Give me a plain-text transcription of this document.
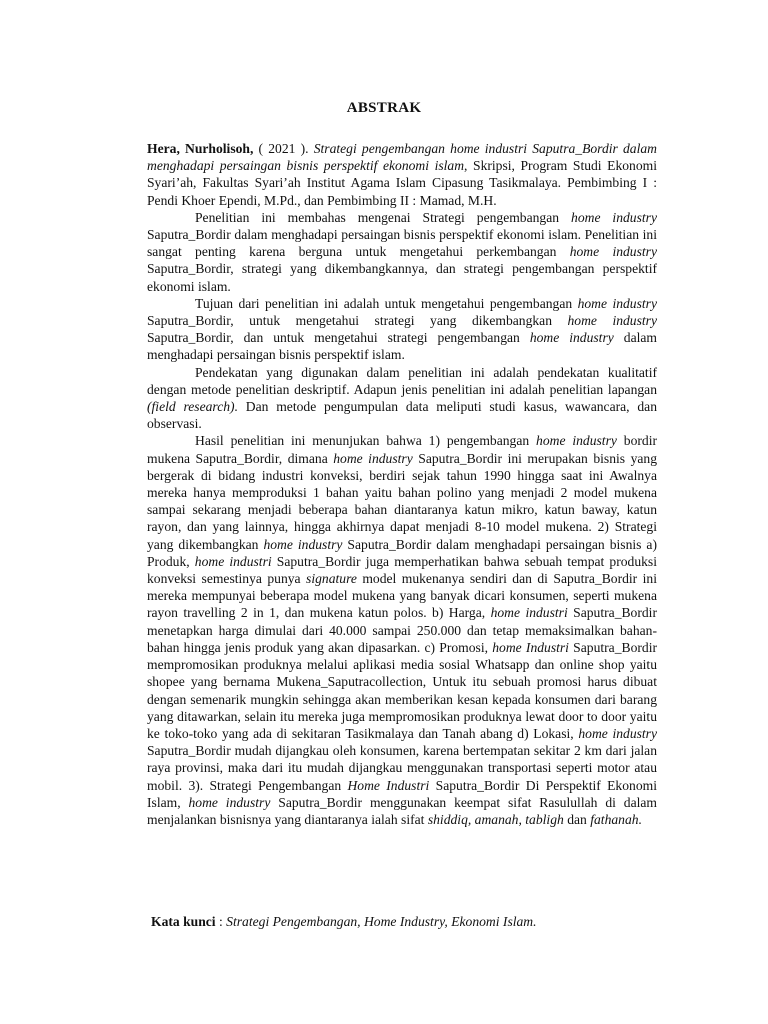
ABSTRAK

Hera, Nurholisoh, ( 2021 ). Strategi pengembangan home industri Saputra_Bordir dalam menghadapi persaingan bisnis perspektif ekonomi islam, Skripsi, Program Studi Ekonomi Syari’ah, Fakultas Syari’ah Institut Agama Islam Cipasung Tasikmalaya. Pembimbing I : Pendi Khoer Ependi, M.Pd., dan Pembimbing II : Mamad, M.H.

Penelitian ini membahas mengenai Strategi pengembangan home industry Saputra_Bordir dalam menghadapi persaingan bisnis perspektif ekonomi islam. Penelitian ini sangat penting karena berguna untuk mengetahui perkembangan home industry Saputra_Bordir, strategi yang dikembangkannya, dan strategi pengembangan perspektif ekonomi islam.

Tujuan dari penelitian ini adalah untuk mengetahui pengembangan home industry Saputra_Bordir, untuk mengetahui strategi yang dikembangkan home industry Saputra_Bordir, dan untuk mengetahui strategi pengembangan home industry dalam menghadapi persaingan bisnis perspektif islam.

Pendekatan yang digunakan dalam penelitian ini adalah pendekatan kualitatif dengan metode penelitian deskriptif. Adapun jenis penelitian ini adalah penelitian lapangan (field research). Dan metode pengumpulan data meliputi studi kasus, wawancara, dan observasi.

Hasil penelitian ini menunjukan bahwa 1) pengembangan home industry bordir mukena Saputra_Bordir, dimana home industry Saputra_Bordir ini merupakan bisnis yang bergerak di bidang industri konveksi, berdiri sejak tahun 1990 hingga saat ini Awalnya mereka hanya memproduksi 1 bahan yaitu bahan polino yang menjadi 2 model mukena sampai sekarang menjadi beberapa bahan diantaranya katun mikro, katun baway, katun rayon, dan yang lainnya, hingga akhirnya dapat menjadi 8-10 model mukena. 2) Strategi yang dikembangkan home industry Saputra_Bordir dalam menghadapi persaingan bisnis a) Produk, home industri Saputra_Bordir juga memperhatikan bahwa sebuah tempat produksi konveksi semestinya punya signature model mukenanya sendiri dan di Saputra_Bordir ini mereka mempunyai beberapa model mukena yang banyak dicari konsumen, seperti mukena rayon travelling 2 in 1, dan mukena katun polos. b) Harga, home industri Saputra_Bordir menetapkan harga dimulai dari 40.000 sampai 250.000 dan tetap memaksimalkan bahan-bahan hingga jenis produk yang akan dipasarkan. c) Promosi, home Industri Saputra_Bordir mempromosikan produknya melalui aplikasi media sosial Whatsapp dan online shop yaitu shopee yang bernama Mukena_Saputracollection, Untuk itu sebuah promosi harus dibuat dengan semenarik mungkin sehingga akan memberikan kesan kepada konsumen dari barang yang ditawarkan, selain itu mereka juga mempromosikan produknya lewat door to door yaitu ke toko-toko yang ada di sekitaran Tasikmalaya dan Tanah abang d) Lokasi, home industry Saputra_Bordir mudah dijangkau oleh konsumen, karena bertempatan sekitar 2 km dari jalan raya provinsi, maka dari itu mudah dijangkau menggunakan transportasi seperti motor atau mobil. 3). Strategi Pengembangan Home Industri Saputra_Bordir Di Perspektif Ekonomi Islam, home industry Saputra_Bordir menggunakan keempat sifat Rasulullah di dalam menjalankan bisnisnya yang diantaranya ialah sifat shiddiq, amanah, tabligh dan fathanah.

Kata kunci : Strategi Pengembangan, Home Industry, Ekonomi Islam.
